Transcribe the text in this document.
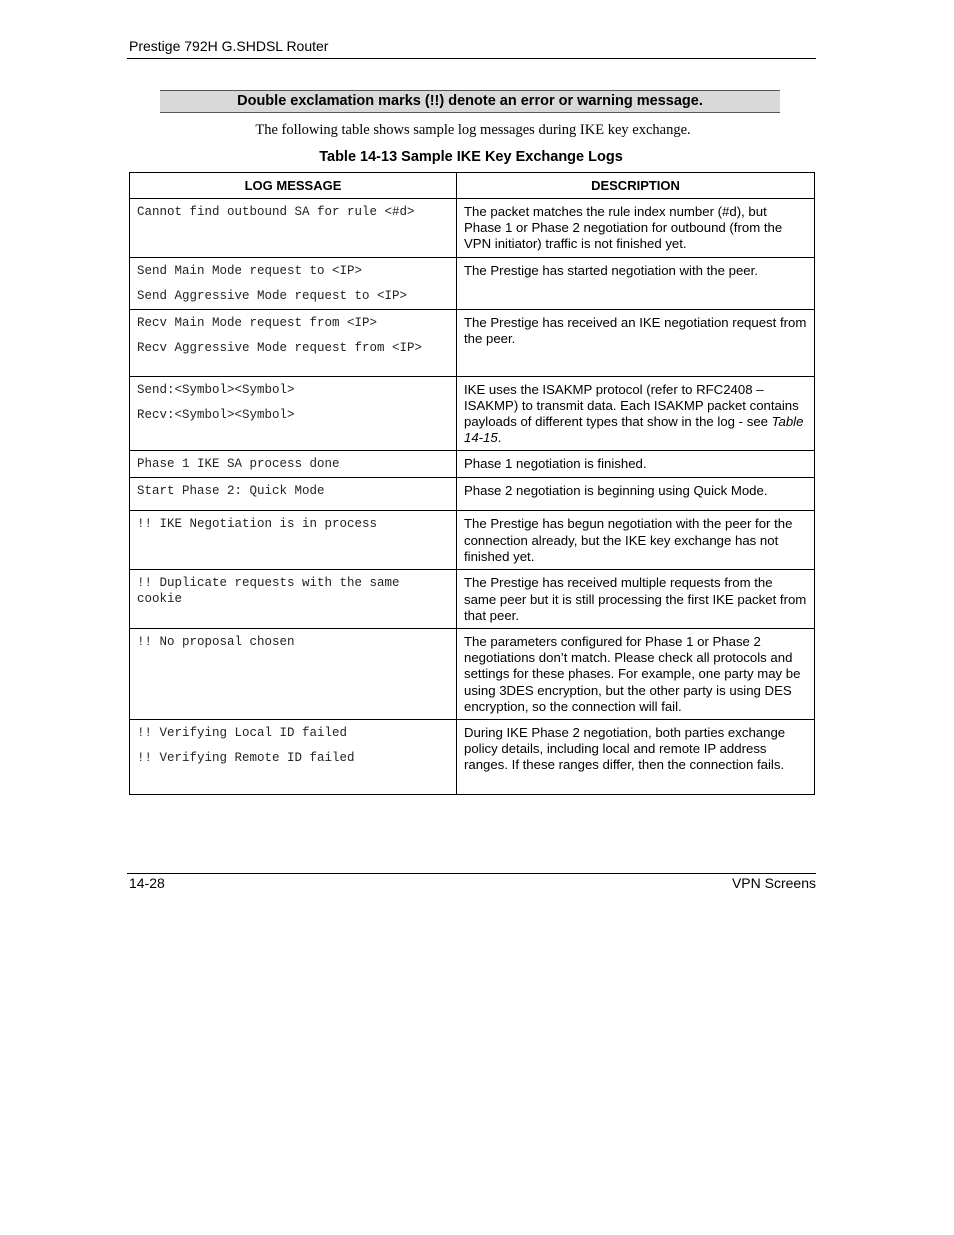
Prestige 792H G.SHDSL Router
Double exclamation marks (!!) denote an error or warning message.
The following table shows sample log messages during IKE key exchange.
Table 14-13 Sample IKE Key Exchange Logs
LOG MESSAGE	DESCRIPTION

Cannot find outbound SA for rule <#d>	The packet matches the rule index number (#d), but Phase 1 or Phase 2 negotiation for outbound (from the VPN initiator) traffic is not finished yet.

Send Main Mode request to <IP>
Send Aggressive Mode request to <IP>	The Prestige has started negotiation with the peer.

Recv Main Mode request from <IP>
Recv Aggressive Mode request from <IP>	The Prestige has received an IKE negotiation request from the peer.

Send:<Symbol><Symbol>
Recv:<Symbol><Symbol>	IKE uses the ISAKMP protocol (refer to RFC2408 – ISAKMP) to transmit data. Each ISAKMP packet contains payloads of different types that show in the log - see Table 14-15.

Phase 1 IKE SA process done	Phase 1 negotiation is finished.

Start Phase 2: Quick Mode	Phase 2 negotiation is beginning using Quick Mode.

!! IKE Negotiation is in process	The Prestige has begun negotiation with the peer for the connection already, but the IKE key exchange has not finished yet.

!! Duplicate requests with the same cookie	The Prestige has received multiple requests from the same peer but it is still processing the first IKE packet from that peer.

!! No proposal chosen	The parameters configured for Phase 1 or Phase 2 negotiations don’t match. Please check all protocols and settings for these phases. For example, one party may be using 3DES encryption, but the other party is using DES encryption, so the connection will fail.

!! Verifying Local ID failed
!! Verifying Remote ID failed	During IKE Phase 2 negotiation, both parties exchange policy details, including local and remote IP address ranges. If these ranges differ, then the connection fails.
14-28	VPN Screens
